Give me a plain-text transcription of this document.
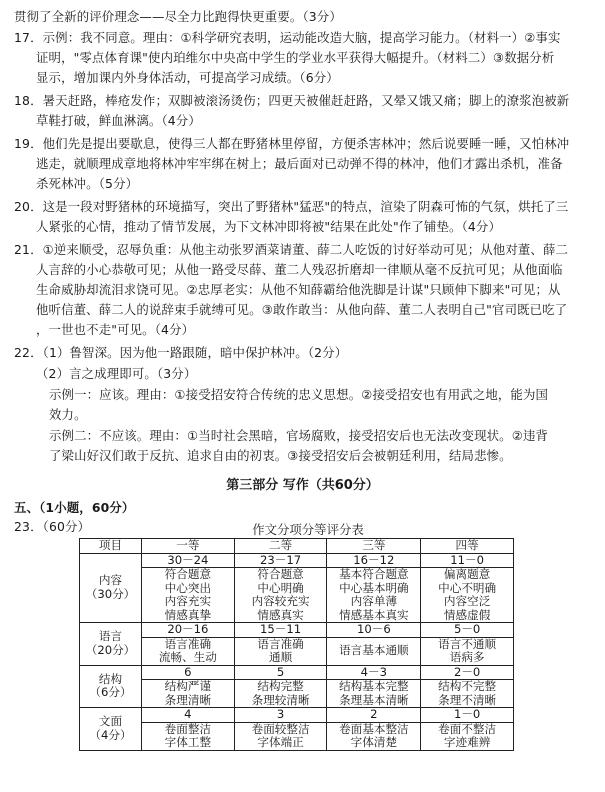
贯彻了全新的评价理念——尽全力比跑得快更重要。（3分）
17．示例：我不同意。理由：①科学研究表明，运动能改造大脑，提高学习能力。（材料一）②事实
证明，"零点体育课"使内珀维尔中央高中学生的学业水平获得大幅提升。（材料二）③数据分析
显示，增加课内外身体活动，可提高学习成绩。（6分）
18．暑天赶路，棒疮发作；双脚被滚汤烫伤；四更天被催赶赶路，又晕又饿又痛；脚上的潦浆泡被新
草鞋打破，鲜血淋漓。（4分）
19．他们先是提出要歇息，使得三人都在野猪林里停留，方便杀害林冲；然后说要睡一睡，又怕林冲
逃走，就顺理成章地将林冲牢牢绑在树上；最后面对已动弹不得的林冲，他们才露出杀机，准备
杀死林冲。（5分）
20．这是一段对野猪林的环境描写，突出了野猪林"猛恶"的特点，渲染了阴森可怖的气氛，烘托了三
人紧张的心情，推动了情节发展，为下文林冲即将被"结果在此处"作了铺垫。（4分）
21．①逆来顺受，忍辱负重：从他主动张罗酒菜请董、薛二人吃饭的讨好举动可见；从他对董、薛二
人言辞的小心恭敬可见；从他一路受尽薛、董二人残忍折磨却一律顺从毫不反抗可见；从他面临
生命威胁却流泪求饶可见。②忠厚老实：从他不知薛霸给他洗脚是计谋"只顾伸下脚来"可见；从
他听信董、薛二人的说辞束手就缚可见。③敢作敢当：从他向薛、董二人表明自己"官司既已吃了
，一世也不走"可见。（4分）
22．（1）鲁智深。因为他一路跟随，暗中保护林冲。（2分）
（2）言之成理即可。（3分）
示例一：应该。理由：①接受招安符合传统的忠义思想。②接受招安也有用武之地，能为国
效力。
示例二：不应该。理由：①当时社会黑暗，官场腐败，接受招安后也无法改变现状。②违背
了梁山好汉们敢于反抗、追求自由的初衷。③接受招安后会被朝廷利用，结局悲惨。
第三部分 写作（共60分）
五、（1小题，60分）
23．（60分）	作文分项分等评分表
项目	一等	二等	三等	四等

内容
（30分）	30－24	23－17	16－12	11－0

	符合题意
中心突出
内容充实
情感真挚	符合题意
中心明确
内容较充实
情感真实	基本符合题意
中心基本明确
内容单薄
情感基本真实	偏离题意
中心不明确
内容空泛
情感虚假

语言
（20分）	20－16	15－11	10－6	5－0

	语言准确
流畅、生动	语言准确
通顺	语言基本通顺	语言不通顺
语病多

结构
（6分）	6	5	4－3	2－0

	结构严谨
条理清晰	结构完整
条理较清晰	结构基本完整
条理基本清晰	结构不完整
条理不清晰

文面
（4分）	4	3	2	1－0

	卷面整洁
字体工整	卷面较整洁
字体端正	卷面基本整洁
字体清楚	卷面不整洁
字迹难辨
